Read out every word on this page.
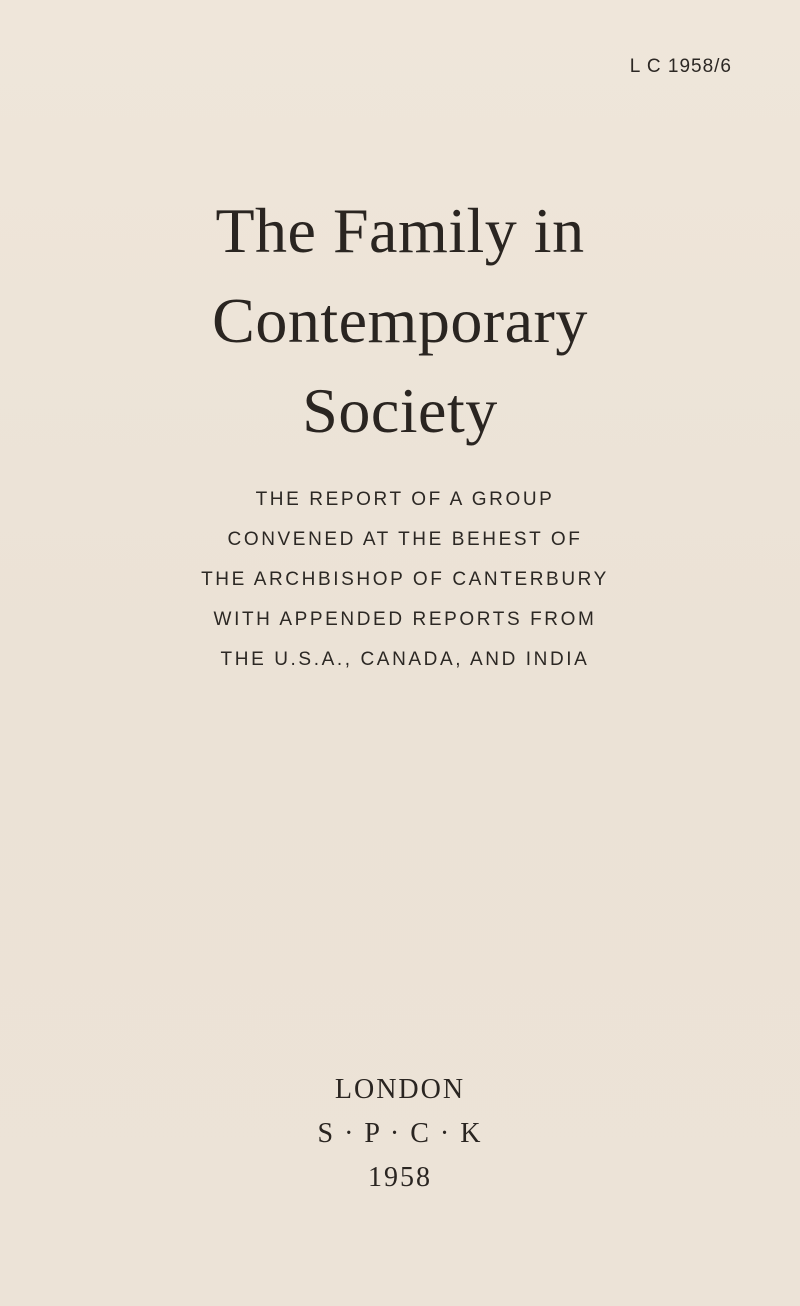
L C 1958/6
The Family in
Contemporary
Society
THE REPORT OF A GROUP
CONVENED AT THE BEHEST OF
THE ARCHBISHOP OF CANTERBURY
WITH APPENDED REPORTS FROM
THE U.S.A., CANADA, AND INDIA
LONDON
S · P · C · K
1958
